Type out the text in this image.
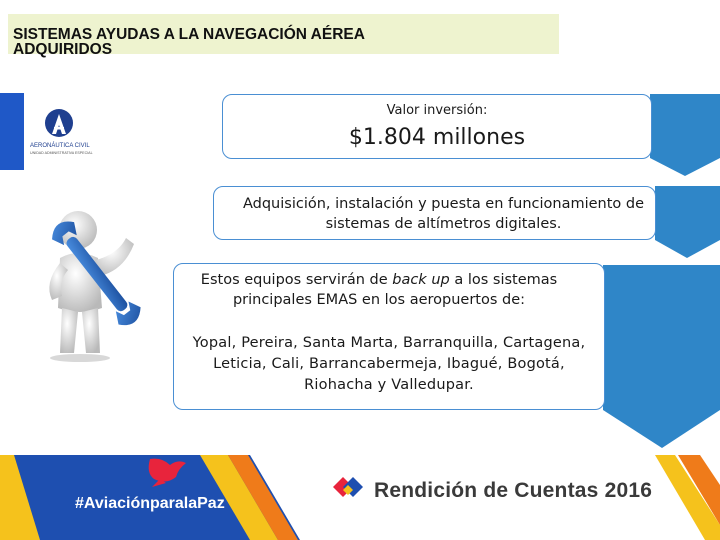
SISTEMAS AYUDAS A LA NAVEGACIÓN AÉREA
ADQUIRIDOS

AERONÁUTICA CIVIL
UNIDAD ADMINISTRATIVA ESPECIAL
Valor inversión:
$1.804 millones
Adquisición, instalación y puesta en funcionamiento de
sistemas de altímetros digitales.
Estos equipos servirán de back up a los sistemas
principales EMAS en los aeropuertos de:
Yopal, Pereira, Santa Marta, Barranquilla, Cartagena,
Leticia, Cali, Barrancabermeja, Ibagué, Bogotá,
Riohacha y Valledupar.
#AviaciónparalaPaz
Rendición de Cuentas 2016
